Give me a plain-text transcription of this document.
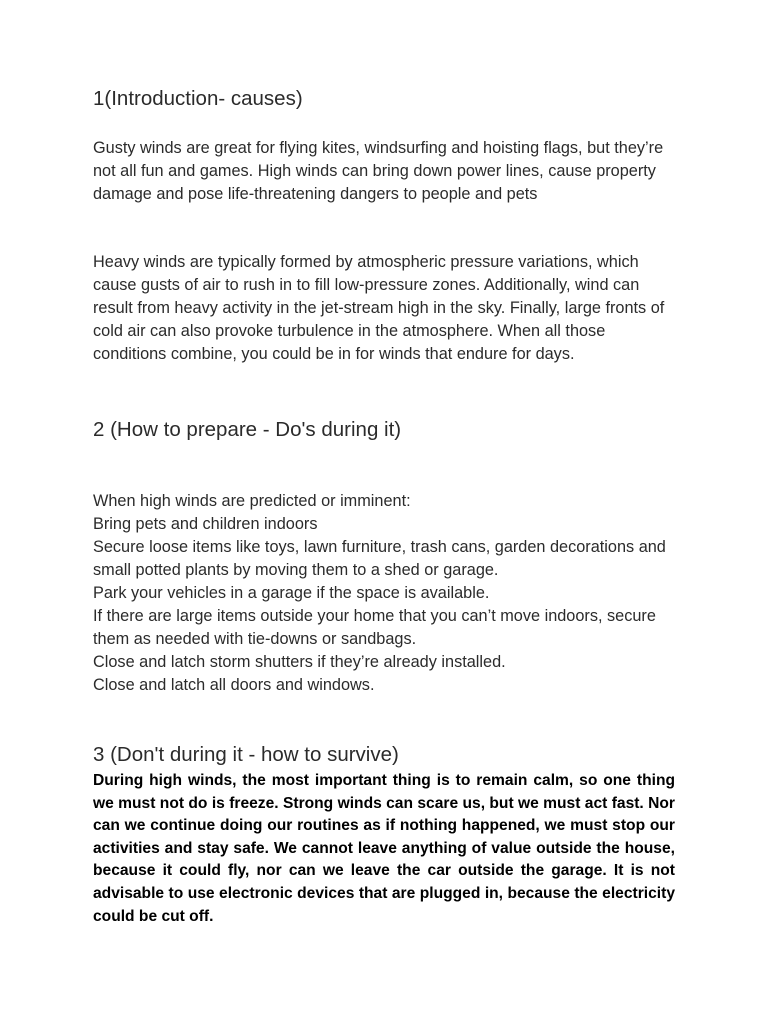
1(Introduction- causes)

Gusty winds are great for flying kites, windsurfing and hoisting flags, but they’re not all fun and games. High winds can bring down power lines, cause property damage and pose life-threatening dangers to people and pets

Heavy winds are typically formed by atmospheric pressure variations, which cause gusts of air to rush in to fill low-pressure zones. Additionally, wind can result from heavy activity in the jet-stream high in the sky. Finally, large fronts of cold air can also provoke turbulence in the atmosphere. When all those conditions combine, you could be in for winds that endure for days.

2 (How to prepare - Do's during it)
When high winds are predicted or imminent:
Bring pets and children indoors
Secure loose items like toys, lawn furniture, trash cans, garden decorations and small potted plants by moving them to a shed or garage.
Park your vehicles in a garage if the space is available.
If there are large items outside your home that you can’t move indoors, secure them as needed with tie-downs or sandbags.
Close and latch storm shutters if they’re already installed.
Close and latch all doors and windows.
3 (Don't during it - how to survive)

During high winds, the most important thing is to remain calm, so one thing we must not do is freeze. Strong winds can scare us, but we must act fast. Nor can we continue doing our routines as if nothing happened, we must stop our activities and stay safe. We cannot leave anything of value outside the house, because it could fly, nor can we leave the car outside the garage. It is not advisable to use electronic devices that are plugged in, because the electricity could be cut off.
